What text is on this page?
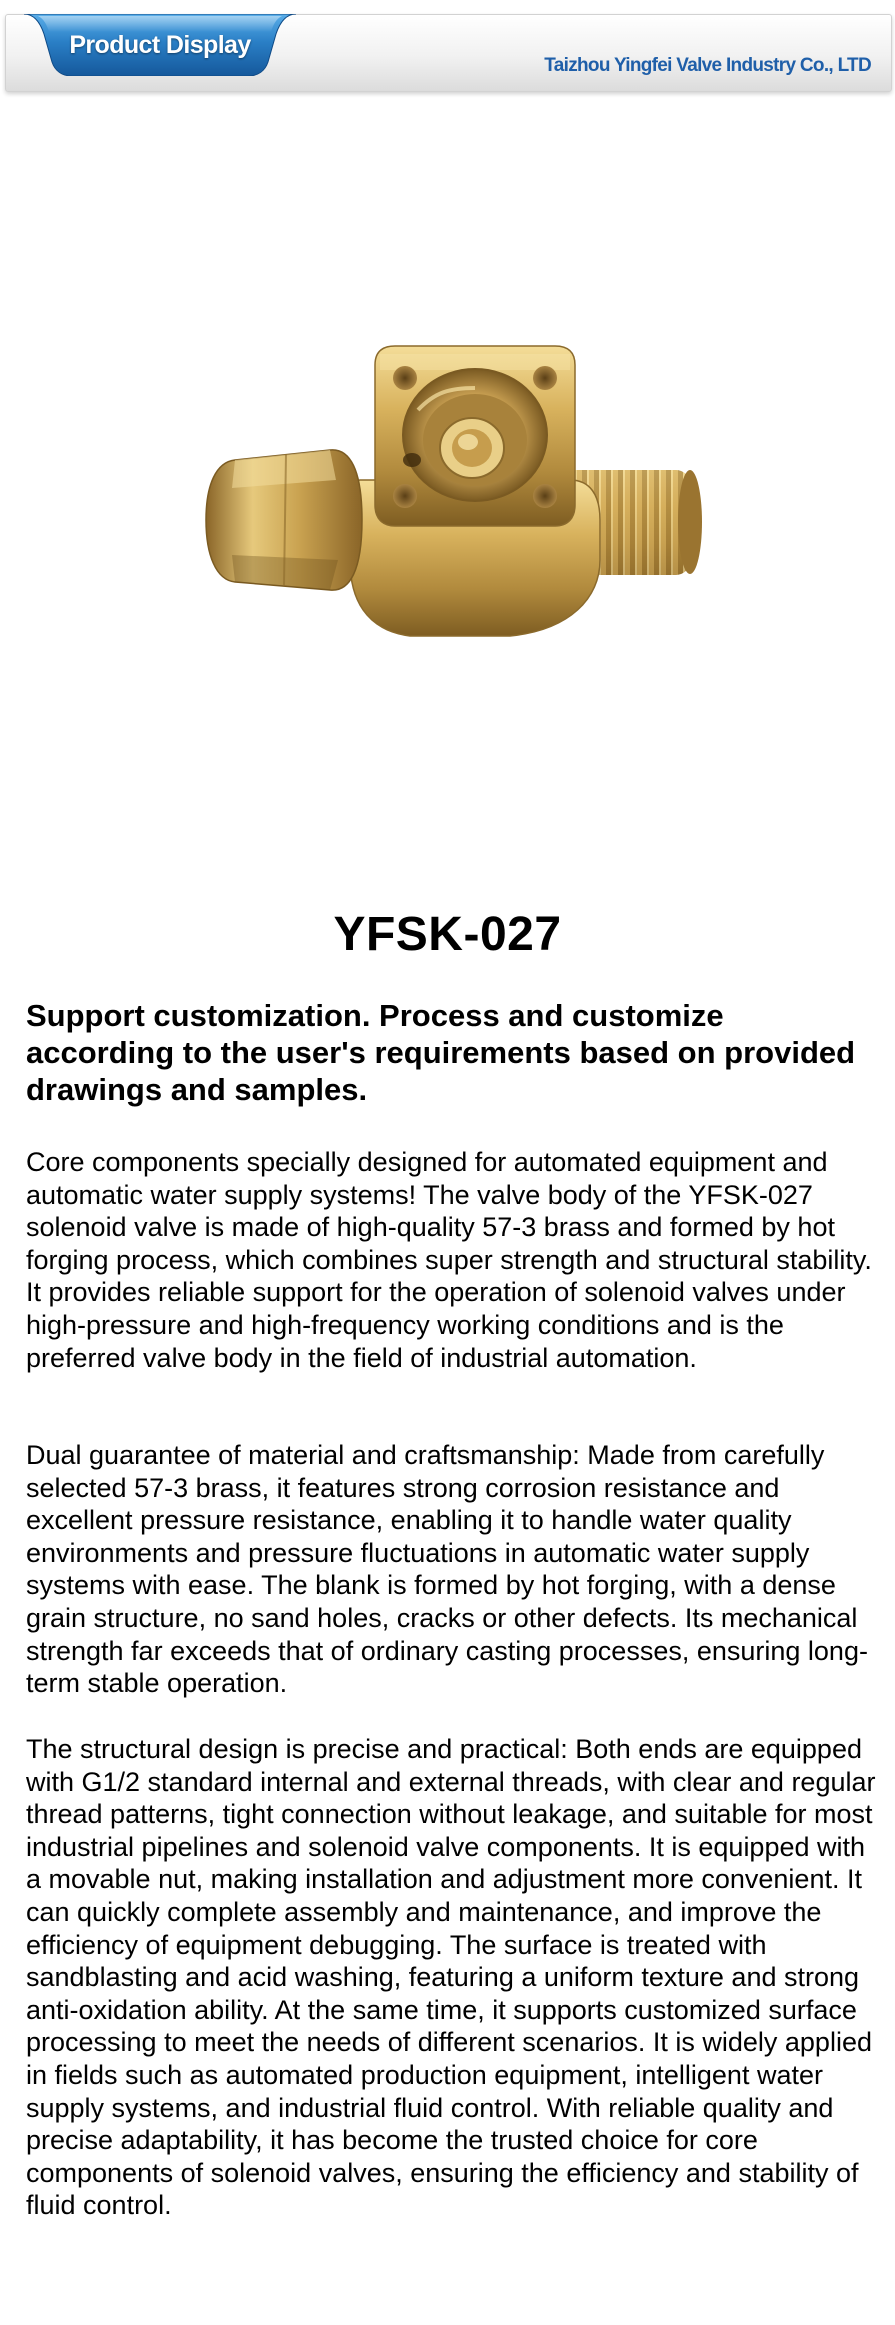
Product Display
Taizhou Yingfei Valve Industry Co., LTD
YFSK-027

Support customization. Process and customize according to the user's requirements based on provided drawings and samples.

Core components specially designed for automated equipment and automatic water supply systems! The valve body of the YFSK-027 solenoid valve is made of high-quality 57-3 brass and formed by hot forging process, which combines super strength and structural stability. It provides reliable support for the operation of solenoid valves under high-pressure and high-frequency working conditions and is the preferred valve body in the field of industrial automation.

Dual guarantee of material and craftsmanship: Made from carefully selected 57-3 brass, it features strong corrosion resistance and excellent pressure resistance, enabling it to handle water quality environments and pressure fluctuations in automatic water supply systems with ease. The blank is formed by hot forging, with a dense grain structure, no sand holes, cracks or other defects. Its mechanical strength far exceeds that of ordinary casting processes, ensuring long-term stable operation.

The structural design is precise and practical: Both ends are equipped with G1/2 standard internal and external threads, with clear and regular thread patterns, tight connection without leakage, and suitable for most industrial pipelines and solenoid valve components. It is equipped with a movable nut, making installation and adjustment more convenient. It can quickly complete assembly and maintenance, and improve the efficiency of equipment debugging. The surface is treated with sandblasting and acid washing, featuring a uniform texture and strong anti-oxidation ability. At the same time, it supports customized surface processing to meet the needs of different scenarios. It is widely applied in fields such as automated production equipment, intelligent water supply systems, and industrial fluid control. With reliable quality and precise adaptability, it has become the trusted choice for core components of solenoid valves, ensuring the efficiency and stability of fluid control.
